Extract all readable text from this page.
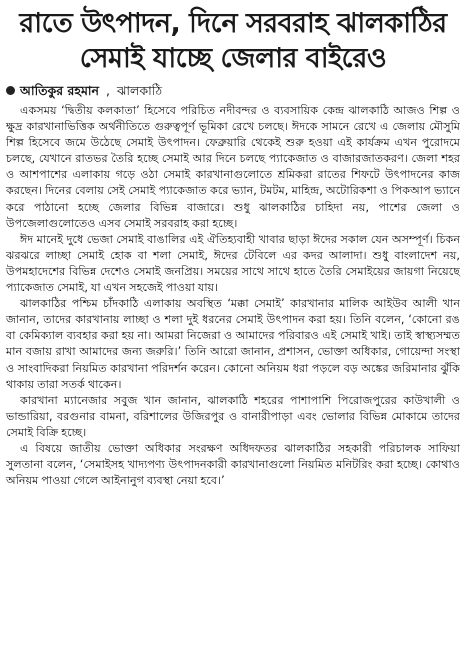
রাতে উৎপাদন, দিনে সরবরাহ ঝালকাঠির
সেমাই যাচ্ছে জেলার বাইরেও
আতিকুর রহমান , ঝালকাঠি

একসময় ‘দ্বিতীয় কলকাতা’ হিসেবে পরিচিত নদীবন্দর ও ব্যবসায়িক কেন্দ্র ঝালকাঠি আজও শিল্প ও ক্ষুদ্র কারখানাভিত্তিক অর্থনীতিতে গুরুত্বপূর্ণ ভূমিকা রেখে চলছে। ঈদকে সামনে রেখে এ জেলায় মৌসুমি শিল্প হিসেবে জমে উঠেছে সেমাই উৎপাদন। ফেব্রুয়ারি থেকেই শুরু হওয়া এই কার্যক্রম এখন পুরোদমে চলছে, যেখানে রাতভর তৈরি হচ্ছে সেমাই আর দিনে চলছে প্যাকেজাত ও বাজারজাতকরণ। জেলা শহর ও আশপাশের এলাকায় গড়ে ওঠা সেমাই কারখানাগুলোতে শ্রমিকরা রাতের শিফটে উৎপাদনের কাজ করছেন। দিনের বেলায় সেই সেমাই প্যাকেজাত করে ভ্যান, টমটম, মাহিন্দ্র, অটোরিকশা ও পিকআপ ভ্যানে করে পাঠানো হচ্ছে জেলার বিভিন্ন বাজারে। শুধু ঝালকাঠির চাহিদা নয়, পাশের জেলা ও উপজেলাগুলোতেও এসব সেমাই সরবরাহ করা হচ্ছে।

ঈদ মানেই দুধে ভেজা সেমাই বাঙালির এই ঐতিহ্যবাহী খাবার ছাড়া ঈদের সকাল যেন অসম্পূর্ণ। চিকন ঝরঝরে লাচ্ছা সেমাই হোক বা শলা সেমাই, ঈদের টেবিলে এর কদর আলাদা। শুধু বাংলাদেশ নয়, উপমহাদেশের বিভিন্ন দেশেও সেমাই জনপ্রিয়। সময়ের সাথে সাথে হাতে তৈরি সেমাইয়ের জায়গা নিয়েছে প্যাকেজাত সেমাই, যা এখন সহজেই পাওয়া যায়।

ঝালকাঠির পশ্চিম চাঁদকাঠি এলাকায় অবস্থিত ‘মক্কা সেমাই’ কারখানার মালিক আইউব আলী খান জানান, তাদের কারখানায় লাচ্ছা ও শলা দুই ধরনের সেমাই উৎপাদন করা হয়। তিনি বলেন, ‘কোনো রঙ বা কেমিক্যাল ব্যবহার করা হয় না। আমরা নিজেরা ও আমাদের পরিবারও এই সেমাই খাই। তাই স্বাস্থ্যসম্মত মান বজায় রাখা আমাদের জন্য জরুরি।’ তিনি আরো জানান, প্রশাসন, ভোক্তা অধিকার, গোয়েন্দা সংস্থা ও সাংবাদিকরা নিয়মিত কারখানা পরিদর্শন করেন। কোনো অনিয়ম ধরা পড়লে বড় অঙ্কের জরিমানার ঝুঁকি থাকায় তারা সতর্ক থাকেন।

কারখানা ম্যানেজার সবুজ খান জানান, ঝালকাঠি শহরের পাশাপাশি পিরোজপুরের কাউখালী ও ভান্ডারিয়া, বরগুনার বামনা, বরিশালের উজিরপুর ও বানারীপাড়া এবং ভোলার বিভিন্ন মোকামে তাদের সেমাই বিক্রি হচ্ছে।

এ বিষয়ে জাতীয় ভোক্তা অধিকার সংরক্ষণ অধিদফতর ঝালকাঠির সহকারী পরিচালক সাফিয়া সুলতানা বলেন, ‘সেমাইসহ খাদ্যপণ্য উৎপাদনকারী কারখানাগুলো নিয়মিত মনিটরিং করা হচ্ছে। কোথাও অনিয়ম পাওয়া গেলে আইনানুগ ব্যবস্থা নেয়া হবে।’
